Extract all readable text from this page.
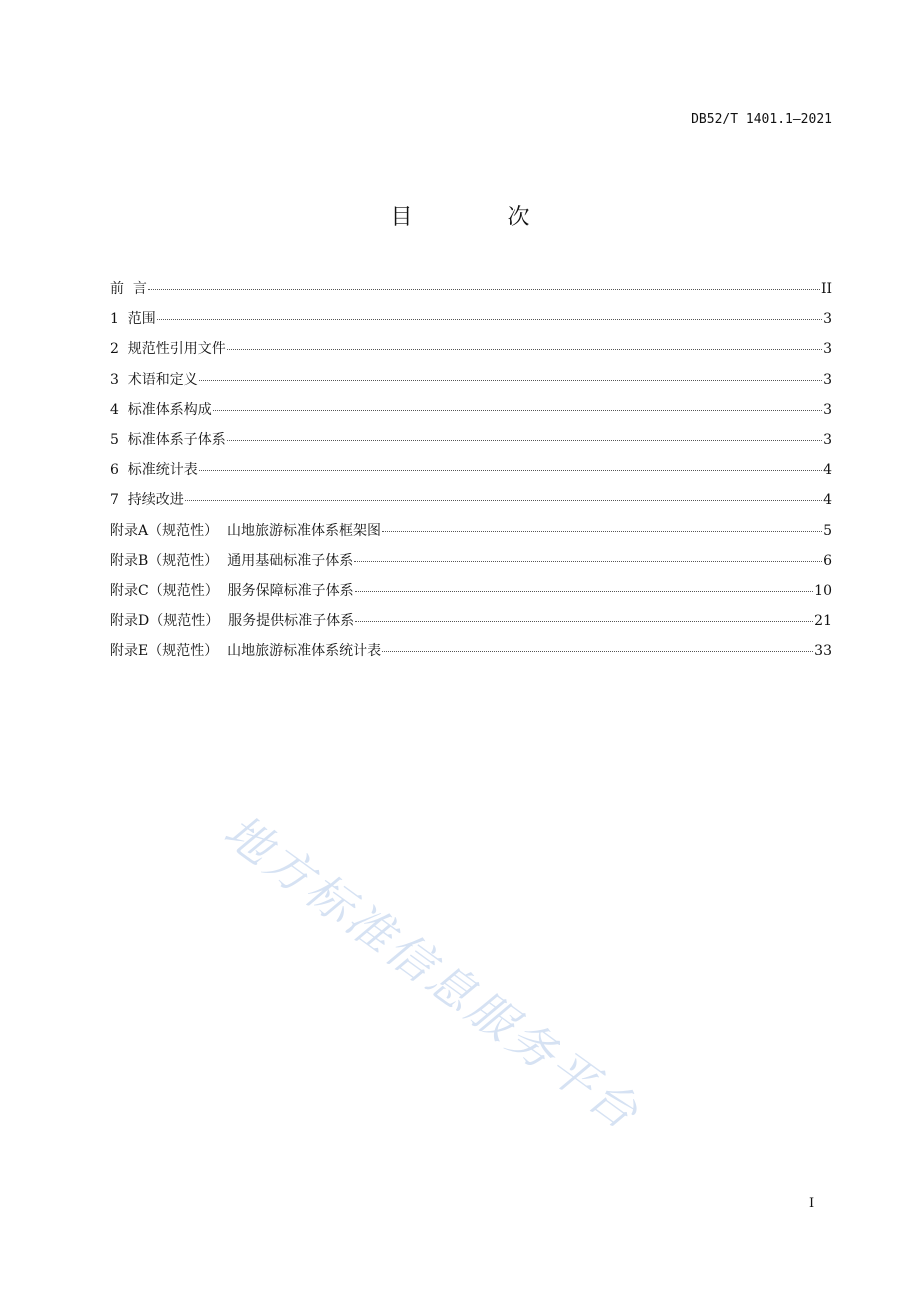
DB52/T 1401.1—2021
目 次
前  言	II
1  范围	3
2  规范性引用文件	3
3  术语和定义	3
4  标准体系构成	3
5  标准体系子体系	3
6  标准统计表	4
7  持续改进	4
附录A（规范性）  山地旅游标准体系框架图	5
附录B（规范性）  通用基础标准子体系	6
附录C（规范性）  服务保障标准子体系	10
附录D（规范性）  服务提供标准子体系	21
附录E（规范性）  山地旅游标准体系统计表	33
地方标准信息服务平台
I
